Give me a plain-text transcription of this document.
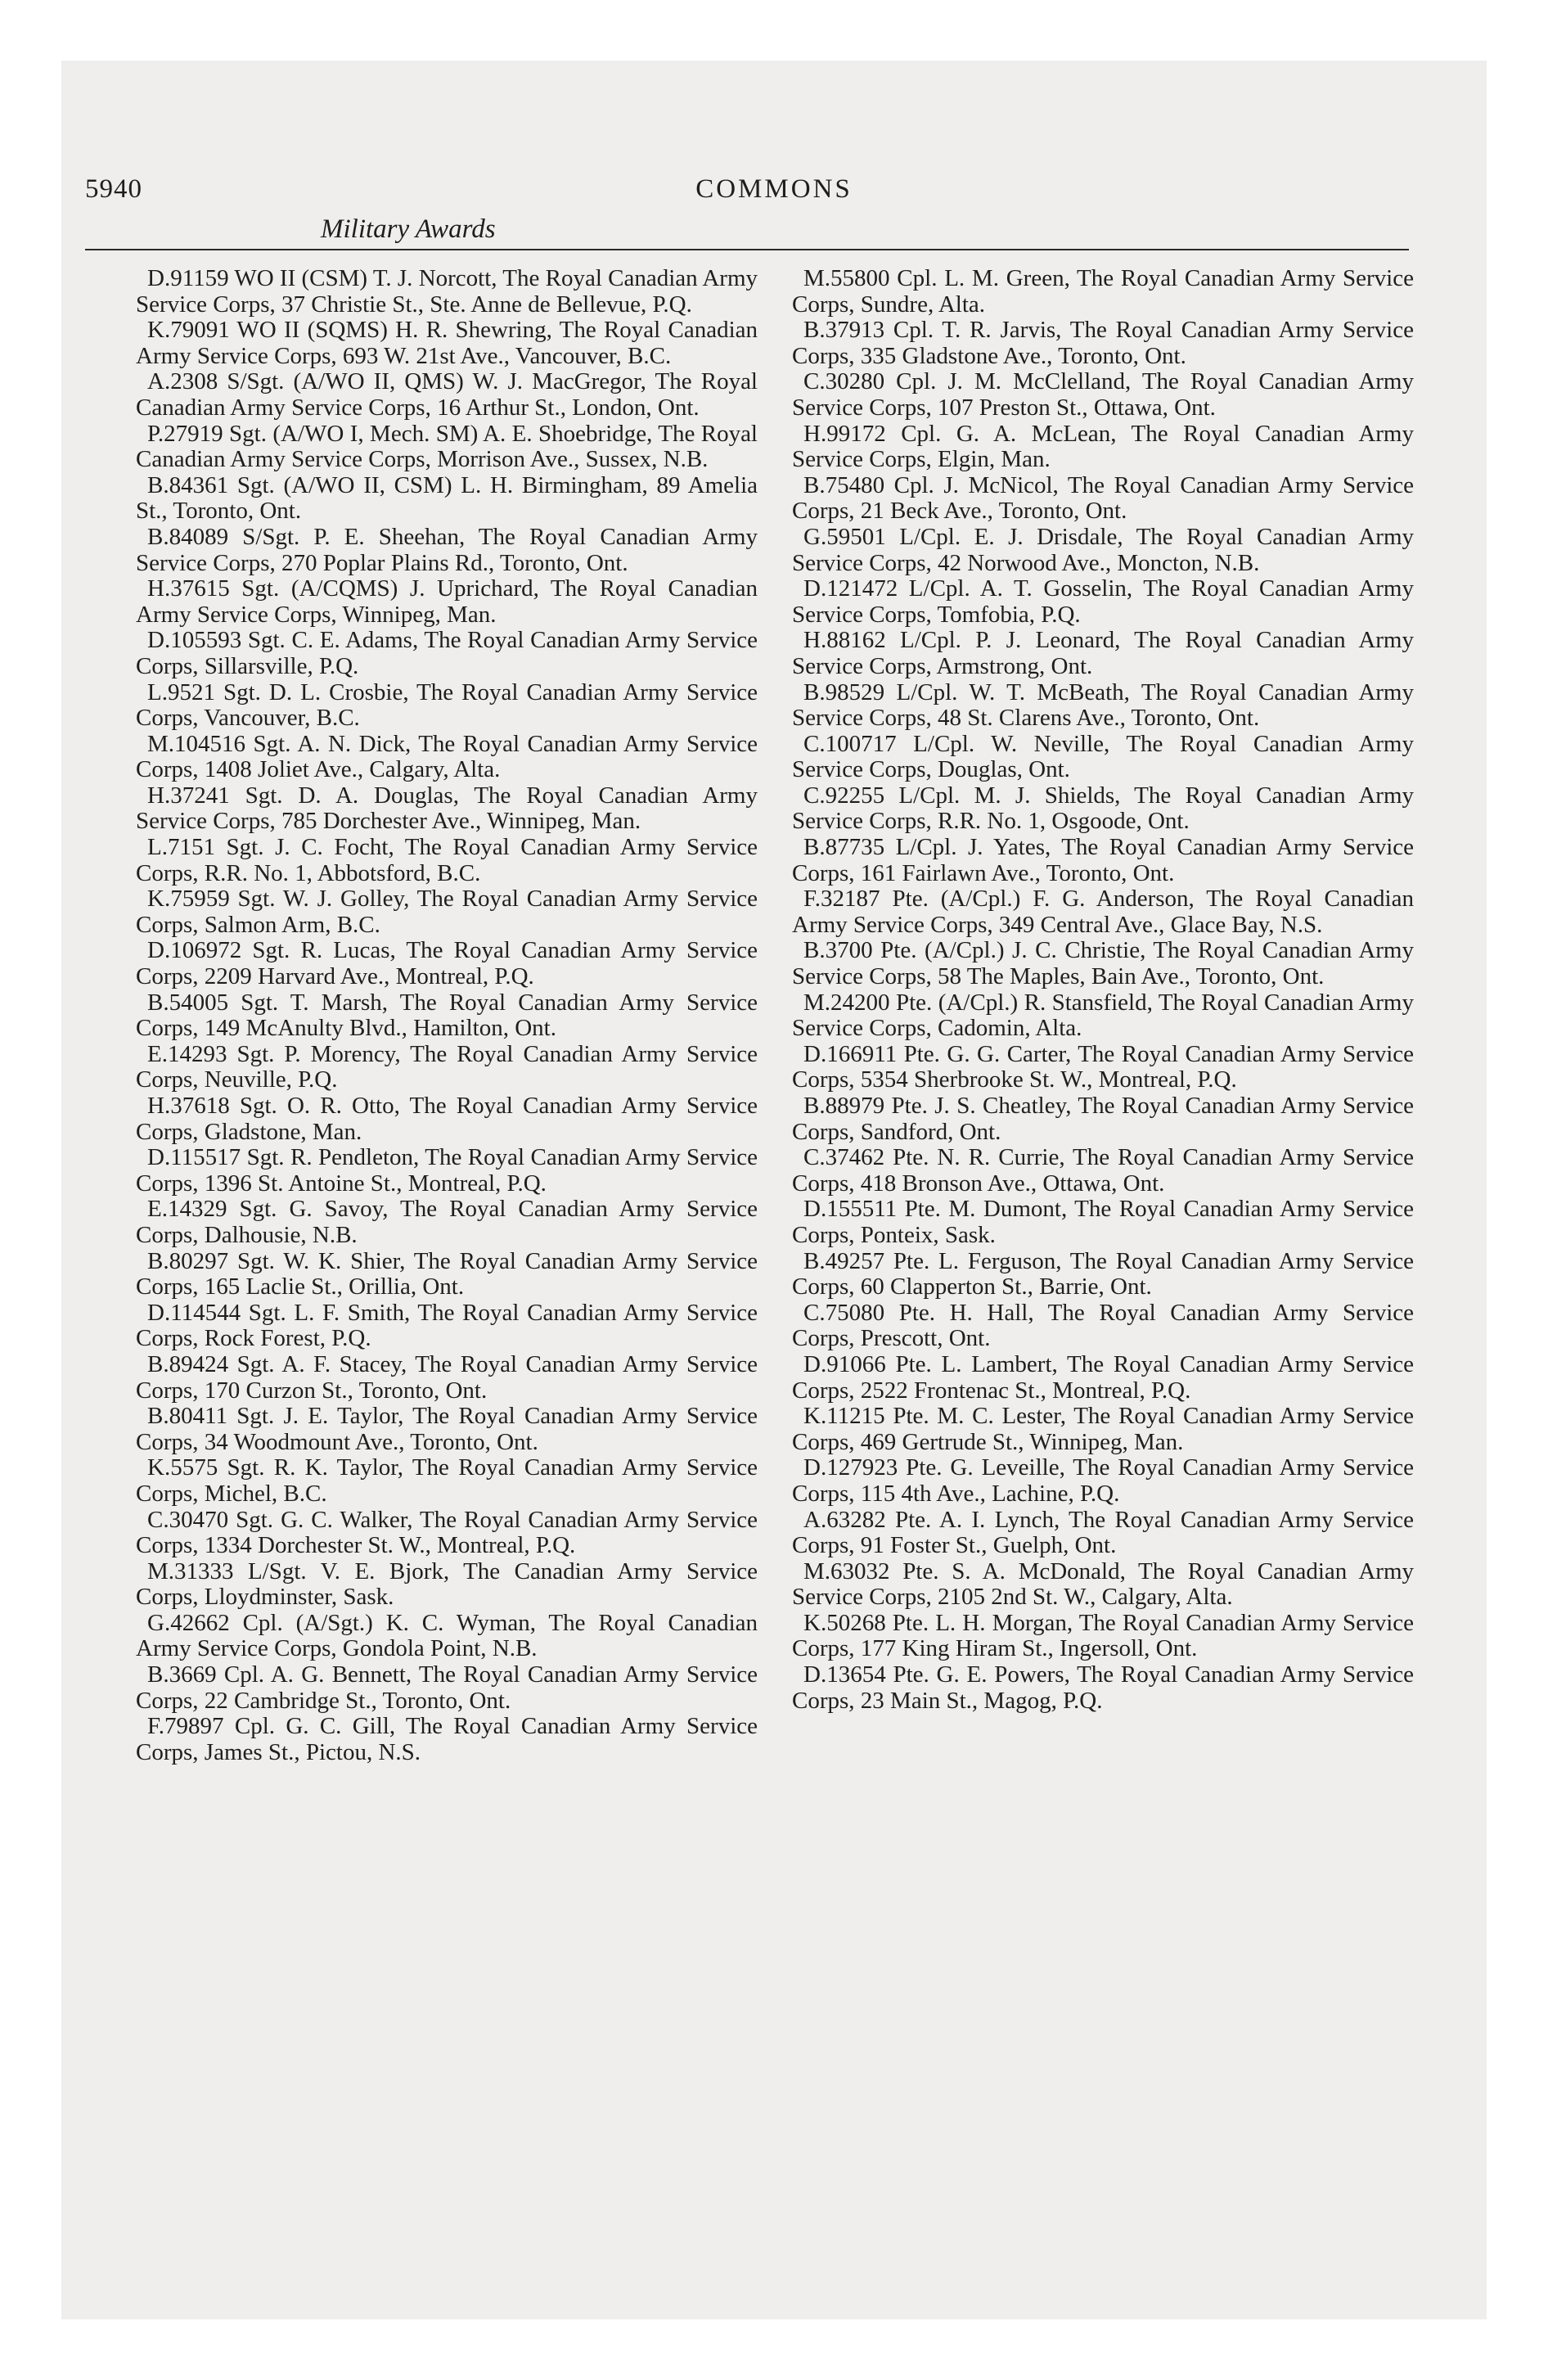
5940	COMMONS
Military Awards

D.91159 WO II (CSM) T. J. Norcott, The Royal Canadian Army Service Corps, 37 Christie St., Ste. Anne de Bellevue, P.Q.

K.79091 WO II (SQMS) H. R. Shewring, The Royal Canadian Army Service Corps, 693 W. 21st Ave., Vancouver, B.C.

A.2308 S/Sgt. (A/WO II, QMS) W. J. MacGregor, The Royal Canadian Army Service Corps, 16 Arthur St., London, Ont.

P.27919 Sgt. (A/WO I, Mech. SM) A. E. Shoebridge, The Royal Canadian Army Service Corps, Morrison Ave., Sussex, N.B.

B.84361 Sgt. (A/WO II, CSM) L. H. Birmingham, 89 Amelia St., Toronto, Ont.

B.84089 S/Sgt. P. E. Sheehan, The Royal Canadian Army Service Corps, 270 Poplar Plains Rd., Toronto, Ont.

H.37615 Sgt. (A/CQMS) J. Uprichard, The Royal Canadian Army Service Corps, Winnipeg, Man.

D.105593 Sgt. C. E. Adams, The Royal Canadian Army Service Corps, Sillarsville, P.Q.

L.9521 Sgt. D. L. Crosbie, The Royal Canadian Army Service Corps, Vancouver, B.C.

M.104516 Sgt. A. N. Dick, The Royal Canadian Army Service Corps, 1408 Joliet Ave., Calgary, Alta.

H.37241 Sgt. D. A. Douglas, The Royal Canadian Army Service Corps, 785 Dorchester Ave., Winnipeg, Man.

L.7151 Sgt. J. C. Focht, The Royal Canadian Army Service Corps, R.R. No. 1, Abbotsford, B.C.

K.75959 Sgt. W. J. Golley, The Royal Canadian Army Service Corps, Salmon Arm, B.C.

D.106972 Sgt. R. Lucas, The Royal Canadian Army Service Corps, 2209 Harvard Ave., Montreal, P.Q.

B.54005 Sgt. T. Marsh, The Royal Canadian Army Service Corps, 149 McAnulty Blvd., Hamilton, Ont.

E.14293 Sgt. P. Morency, The Royal Canadian Army Service Corps, Neuville, P.Q.

H.37618 Sgt. O. R. Otto, The Royal Canadian Army Service Corps, Gladstone, Man.

D.115517 Sgt. R. Pendleton, The Royal Canadian Army Service Corps, 1396 St. Antoine St., Montreal, P.Q.

E.14329 Sgt. G. Savoy, The Royal Canadian Army Service Corps, Dalhousie, N.B.

B.80297 Sgt. W. K. Shier, The Royal Canadian Army Service Corps, 165 Laclie St., Orillia, Ont.

D.114544 Sgt. L. F. Smith, The Royal Canadian Army Service Corps, Rock Forest, P.Q.

B.89424 Sgt. A. F. Stacey, The Royal Canadian Army Service Corps, 170 Curzon St., Toronto, Ont.

B.80411 Sgt. J. E. Taylor, The Royal Canadian Army Service Corps, 34 Woodmount Ave., Toronto, Ont.

K.5575 Sgt. R. K. Taylor, The Royal Canadian Army Service Corps, Michel, B.C.

C.30470 Sgt. G. C. Walker, The Royal Canadian Army Service Corps, 1334 Dorchester St. W., Montreal, P.Q.

M.31333 L/Sgt. V. E. Bjork, The Canadian Army Service Corps, Lloydminster, Sask.

G.42662 Cpl. (A/Sgt.) K. C. Wyman, The Royal Canadian Army Service Corps, Gondola Point, N.B.

B.3669 Cpl. A. G. Bennett, The Royal Canadian Army Service Corps, 22 Cambridge St., Toronto, Ont.

F.79897 Cpl. G. C. Gill, The Royal Canadian Army Service Corps, James St., Pictou, N.S.

M.55800 Cpl. L. M. Green, The Royal Canadian Army Service Corps, Sundre, Alta.

B.37913 Cpl. T. R. Jarvis, The Royal Canadian Army Service Corps, 335 Gladstone Ave., Toronto, Ont.

C.30280 Cpl. J. M. McClelland, The Royal Canadian Army Service Corps, 107 Preston St., Ottawa, Ont.

H.99172 Cpl. G. A. McLean, The Royal Canadian Army Service Corps, Elgin, Man.

B.75480 Cpl. J. McNicol, The Royal Canadian Army Service Corps, 21 Beck Ave., Toronto, Ont.

G.59501 L/Cpl. E. J. Drisdale, The Royal Canadian Army Service Corps, 42 Norwood Ave., Moncton, N.B.

D.121472 L/Cpl. A. T. Gosselin, The Royal Canadian Army Service Corps, Tomfobia, P.Q.

H.88162 L/Cpl. P. J. Leonard, The Royal Canadian Army Service Corps, Armstrong, Ont.

B.98529 L/Cpl. W. T. McBeath, The Royal Canadian Army Service Corps, 48 St. Clarens Ave., Toronto, Ont.

C.100717 L/Cpl. W. Neville, The Royal Canadian Army Service Corps, Douglas, Ont.

C.92255 L/Cpl. M. J. Shields, The Royal Canadian Army Service Corps, R.R. No. 1, Osgoode, Ont.

B.87735 L/Cpl. J. Yates, The Royal Canadian Army Service Corps, 161 Fairlawn Ave., Toronto, Ont.

F.32187 Pte. (A/Cpl.) F. G. Anderson, The Royal Canadian Army Service Corps, 349 Central Ave., Glace Bay, N.S.

B.3700 Pte. (A/Cpl.) J. C. Christie, The Royal Canadian Army Service Corps, 58 The Maples, Bain Ave., Toronto, Ont.

M.24200 Pte. (A/Cpl.) R. Stansfield, The Royal Canadian Army Service Corps, Cadomin, Alta.

D.166911 Pte. G. G. Carter, The Royal Canadian Army Service Corps, 5354 Sherbrooke St. W., Montreal, P.Q.

B.88979 Pte. J. S. Cheatley, The Royal Canadian Army Service Corps, Sandford, Ont.

C.37462 Pte. N. R. Currie, The Royal Canadian Army Service Corps, 418 Bronson Ave., Ottawa, Ont.

D.155511 Pte. M. Dumont, The Royal Canadian Army Service Corps, Ponteix, Sask.

B.49257 Pte. L. Ferguson, The Royal Canadian Army Service Corps, 60 Clapperton St., Barrie, Ont.

C.75080 Pte. H. Hall, The Royal Canadian Army Service Corps, Prescott, Ont.

D.91066 Pte. L. Lambert, The Royal Canadian Army Service Corps, 2522 Frontenac St., Montreal, P.Q.

K.11215 Pte. M. C. Lester, The Royal Canadian Army Service Corps, 469 Gertrude St., Winnipeg, Man.

D.127923 Pte. G. Leveille, The Royal Canadian Army Service Corps, 115 4th Ave., Lachine, P.Q.

A.63282 Pte. A. I. Lynch, The Royal Canadian Army Service Corps, 91 Foster St., Guelph, Ont.

M.63032 Pte. S. A. McDonald, The Royal Canadian Army Service Corps, 2105 2nd St. W., Calgary, Alta.

K.50268 Pte. L. H. Morgan, The Royal Canadian Army Service Corps, 177 King Hiram St., Ingersoll, Ont.

D.13654 Pte. G. E. Powers, The Royal Canadian Army Service Corps, 23 Main St., Magog, P.Q.
